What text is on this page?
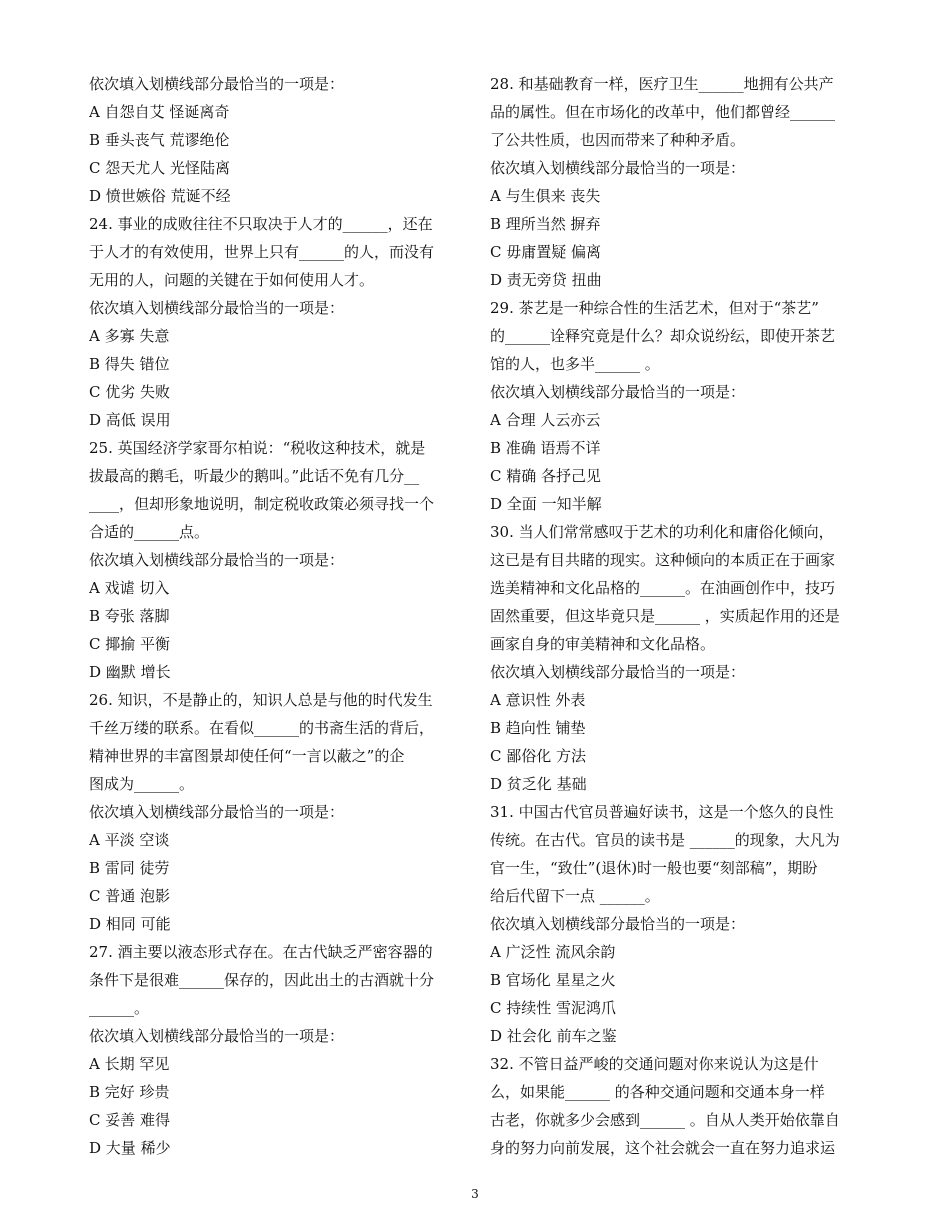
依次填入划横线部分最恰当的一项是：
A 自怨自艾 怪诞离奇
B 垂头丧气 荒谬绝伦
C 怨天尤人 光怪陆离
D 愤世嫉俗 荒诞不经
24. 事业的成败往往不只取决于人才的______，还在
于人才的有效使用，世界上只有______的人，而没有
无用的人，问题的关键在于如何使用人才。
依次填入划横线部分最恰当的一项是：
A 多寡 失意
B 得失 错位
C 优劣 失败
D 高低 误用
25. 英国经济学家哥尔柏说：“税收这种技术，就是
拔最高的鹅毛，听最少的鹅叫。”此话不免有几分__
____，但却形象地说明，制定税收政策必须寻找一个
合适的______点。
依次填入划横线部分最恰当的一项是：
A 戏谑 切入
B 夸张 落脚
C 揶揄 平衡
D 幽默 增长
26. 知识，不是静止的，知识人总是与他的时代发生
千丝万缕的联系。在看似______的书斋生活的背后，
精神世界的丰富图景却使任何“一言以蔽之”的企
图成为______。
依次填入划横线部分最恰当的一项是：
A 平淡 空谈
B 雷同 徒劳
C 普通 泡影
D 相同 可能
27. 酒主要以液态形式存在。在古代缺乏严密容器的
条件下是很难______保存的，因此出土的古酒就十分
______。
依次填入划横线部分最恰当的一项是：
A 长期 罕见
B 完好 珍贵
C 妥善 难得
D 大量 稀少
28. 和基础教育一样，医疗卫生______地拥有公共产
品的属性。但在市场化的改革中，他们都曾经______
了公共性质，也因而带来了种种矛盾。
依次填入划横线部分最恰当的一项是：
A 与生俱来 丧失
B 理所当然 摒弃
C 毋庸置疑 偏离
D 责无旁贷 扭曲
29. 茶艺是一种综合性的生活艺术，但对于“茶艺”
的______诠释究竟是什么？却众说纷纭，即使开茶艺
馆的人，也多半______ 。
依次填入划横线部分最恰当的一项是：
A 合理 人云亦云
B 准确 语焉不详
C 精确 各抒己见
D 全面 一知半解
30. 当人们常常感叹于艺术的功利化和庸俗化倾向，
这已是有目共睹的现实。这种倾向的本质正在于画家
选美精神和文化品格的______。在油画创作中，技巧
固然重要，但这毕竟只是______ ，实质起作用的还是
画家自身的审美精神和文化品格。
依次填入划横线部分最恰当的一项是：
A 意识性 外表
B 趋向性 铺垫
C 鄙俗化 方法
D 贫乏化 基础
31. 中国古代官员普遍好读书，这是一个悠久的良性
传统。在古代。官员的读书是 ______的现象，大凡为
官一生，“致仕”(退休)时一般也要“刻部稿”，期盼
给后代留下一点 ______。
依次填入划横线部分最恰当的一项是：
A 广泛性 流风余韵
B 官场化 星星之火
C 持续性 雪泥鸿爪
D 社会化 前车之鉴
32. 不管日益严峻的交通问题对你来说认为这是什
么，如果能______ 的各种交通问题和交通本身一样
古老，你就多少会感到______ 。自从人类开始依靠自
身的努力向前发展，这个社会就会一直在努力追求运
3
